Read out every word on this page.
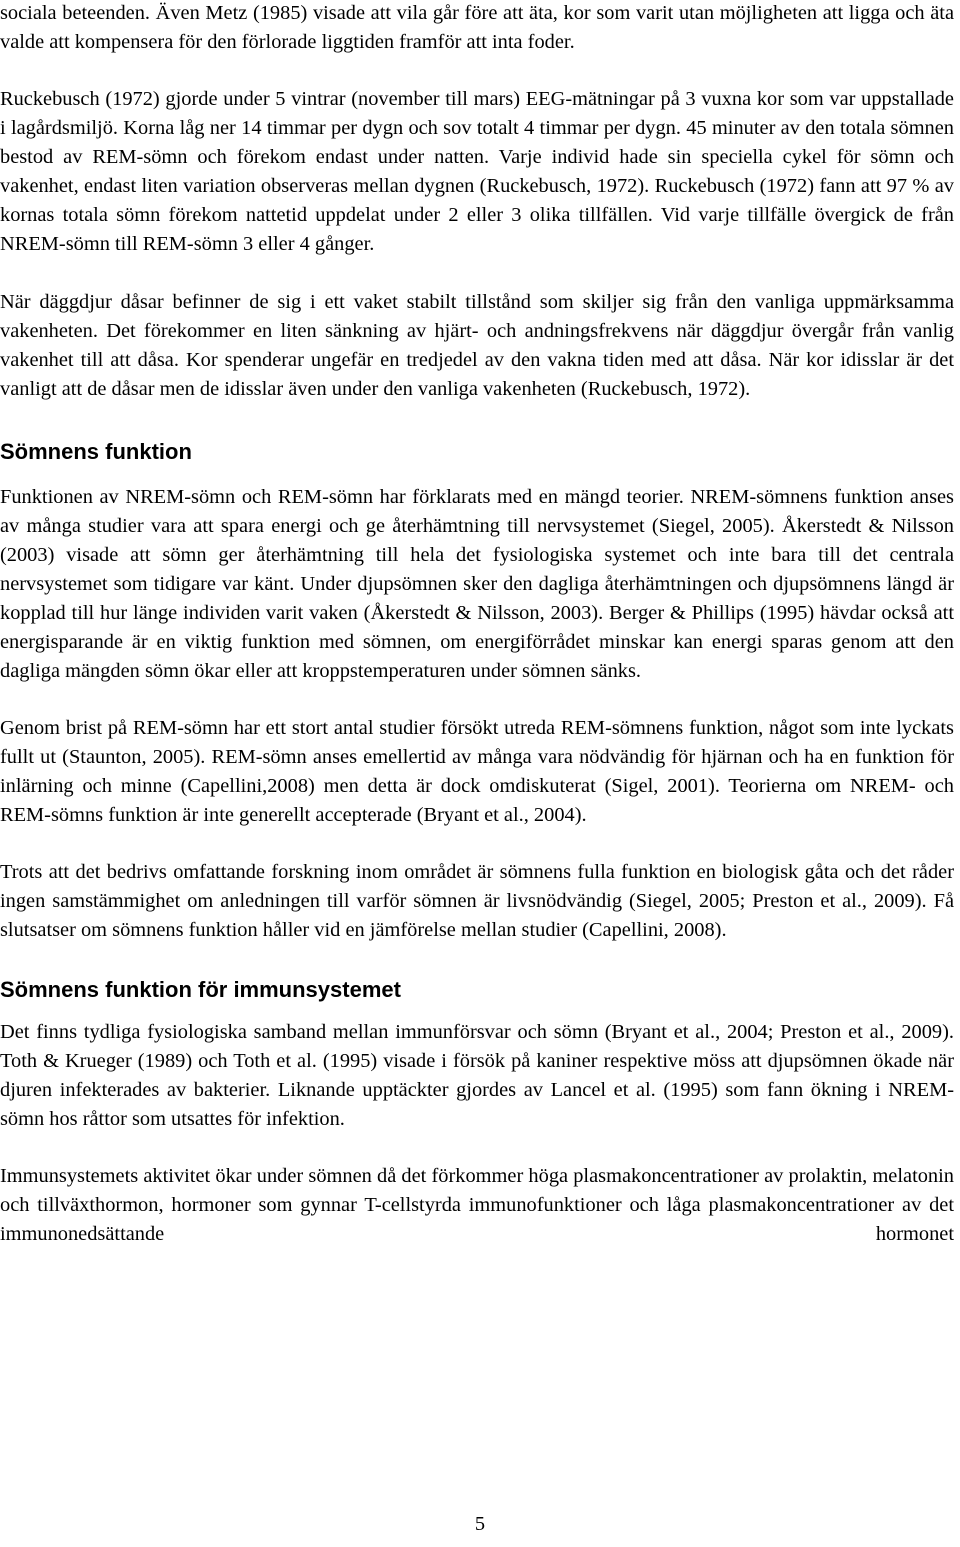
sociala beteenden. Även Metz (1985) visade att vila går före att äta, kor som varit utan möjligheten att ligga och äta valde att kompensera för den förlorade liggtiden framför att inta foder.

Ruckebusch (1972) gjorde under 5 vintrar (november till mars) EEG-mätningar på 3 vuxna kor som var uppstallade i lagårdsmiljö. Korna låg ner 14 timmar per dygn och sov totalt 4 timmar per dygn. 45 minuter av den totala sömnen bestod av REM-sömn och förekom endast under natten. Varje individ hade sin speciella cykel för sömn och vakenhet, endast liten variation observeras mellan dygnen (Ruckebusch, 1972). Ruckebusch (1972) fann att 97 % av kornas totala sömn förekom nattetid uppdelat under 2 eller 3 olika tillfällen. Vid varje tillfälle övergick de från NREM-sömn till REM-sömn 3 eller 4 gånger.

När däggdjur dåsar befinner de sig i ett vaket stabilt tillstånd som skiljer sig från den vanliga uppmärksamma vakenheten. Det förekommer en liten sänkning av hjärt- och andningsfrekvens när däggdjur övergår från vanlig vakenhet till att dåsa. Kor spenderar ungefär en tredjedel av den vakna tiden med att dåsa. När kor idisslar är det vanligt att de dåsar men de idisslar även under den vanliga vakenheten (Ruckebusch, 1972).

Sömnens funktion

Funktionen av NREM-sömn och REM-sömn har förklarats med en mängd teorier. NREM-sömnens funktion anses av många studier vara att spara energi och ge återhämtning till nervsystemet (Siegel, 2005). Åkerstedt & Nilsson (2003) visade att sömn ger återhämtning till hela det fysiologiska systemet och inte bara till det centrala nervsystemet som tidigare var känt. Under djupsömnen sker den dagliga återhämtningen och djupsömnens längd är kopplad till hur länge individen varit vaken (Åkerstedt & Nilsson, 2003). Berger & Phillips (1995) hävdar också att energisparande är en viktig funktion med sömnen, om energiförrådet minskar kan energi sparas genom att den dagliga mängden sömn ökar eller att kroppstemperaturen under sömnen sänks.

Genom brist på REM-sömn har ett stort antal studier försökt utreda REM-sömnens funktion, något som inte lyckats fullt ut (Staunton, 2005). REM-sömn anses emellertid av många vara nödvändig för hjärnan och ha en funktion för inlärning och minne (Capellini,2008) men detta är dock omdiskuterat (Sigel, 2001). Teorierna om NREM- och REM-sömns funktion är inte generellt accepterade (Bryant et al., 2004).

Trots att det bedrivs omfattande forskning inom området är sömnens fulla funktion en biologisk gåta och det råder ingen samstämmighet om anledningen till varför sömnen är livsnödvändig (Siegel, 2005; Preston et al., 2009). Få slutsatser om sömnens funktion håller vid en jämförelse mellan studier (Capellini, 2008).

Sömnens funktion för immunsystemet

Det finns tydliga fysiologiska samband mellan immunförsvar och sömn (Bryant et al., 2004; Preston et al., 2009). Toth & Krueger (1989) och Toth et al. (1995) visade i försök på kaniner respektive möss att djupsömnen ökade när djuren infekterades av bakterier. Liknande upptäckter gjordes av Lancel et al. (1995) som fann ökning i NREM-sömn hos råttor som utsattes för infektion.

Immunsystemets aktivitet ökar under sömnen då det förkommer höga plasmakoncentrationer av prolaktin, melatonin och tillväxthormon, hormoner som gynnar T-cellstyrda immunofunktioner och låga plasmakoncentrationer av det immunonedsättande hormonet

5
